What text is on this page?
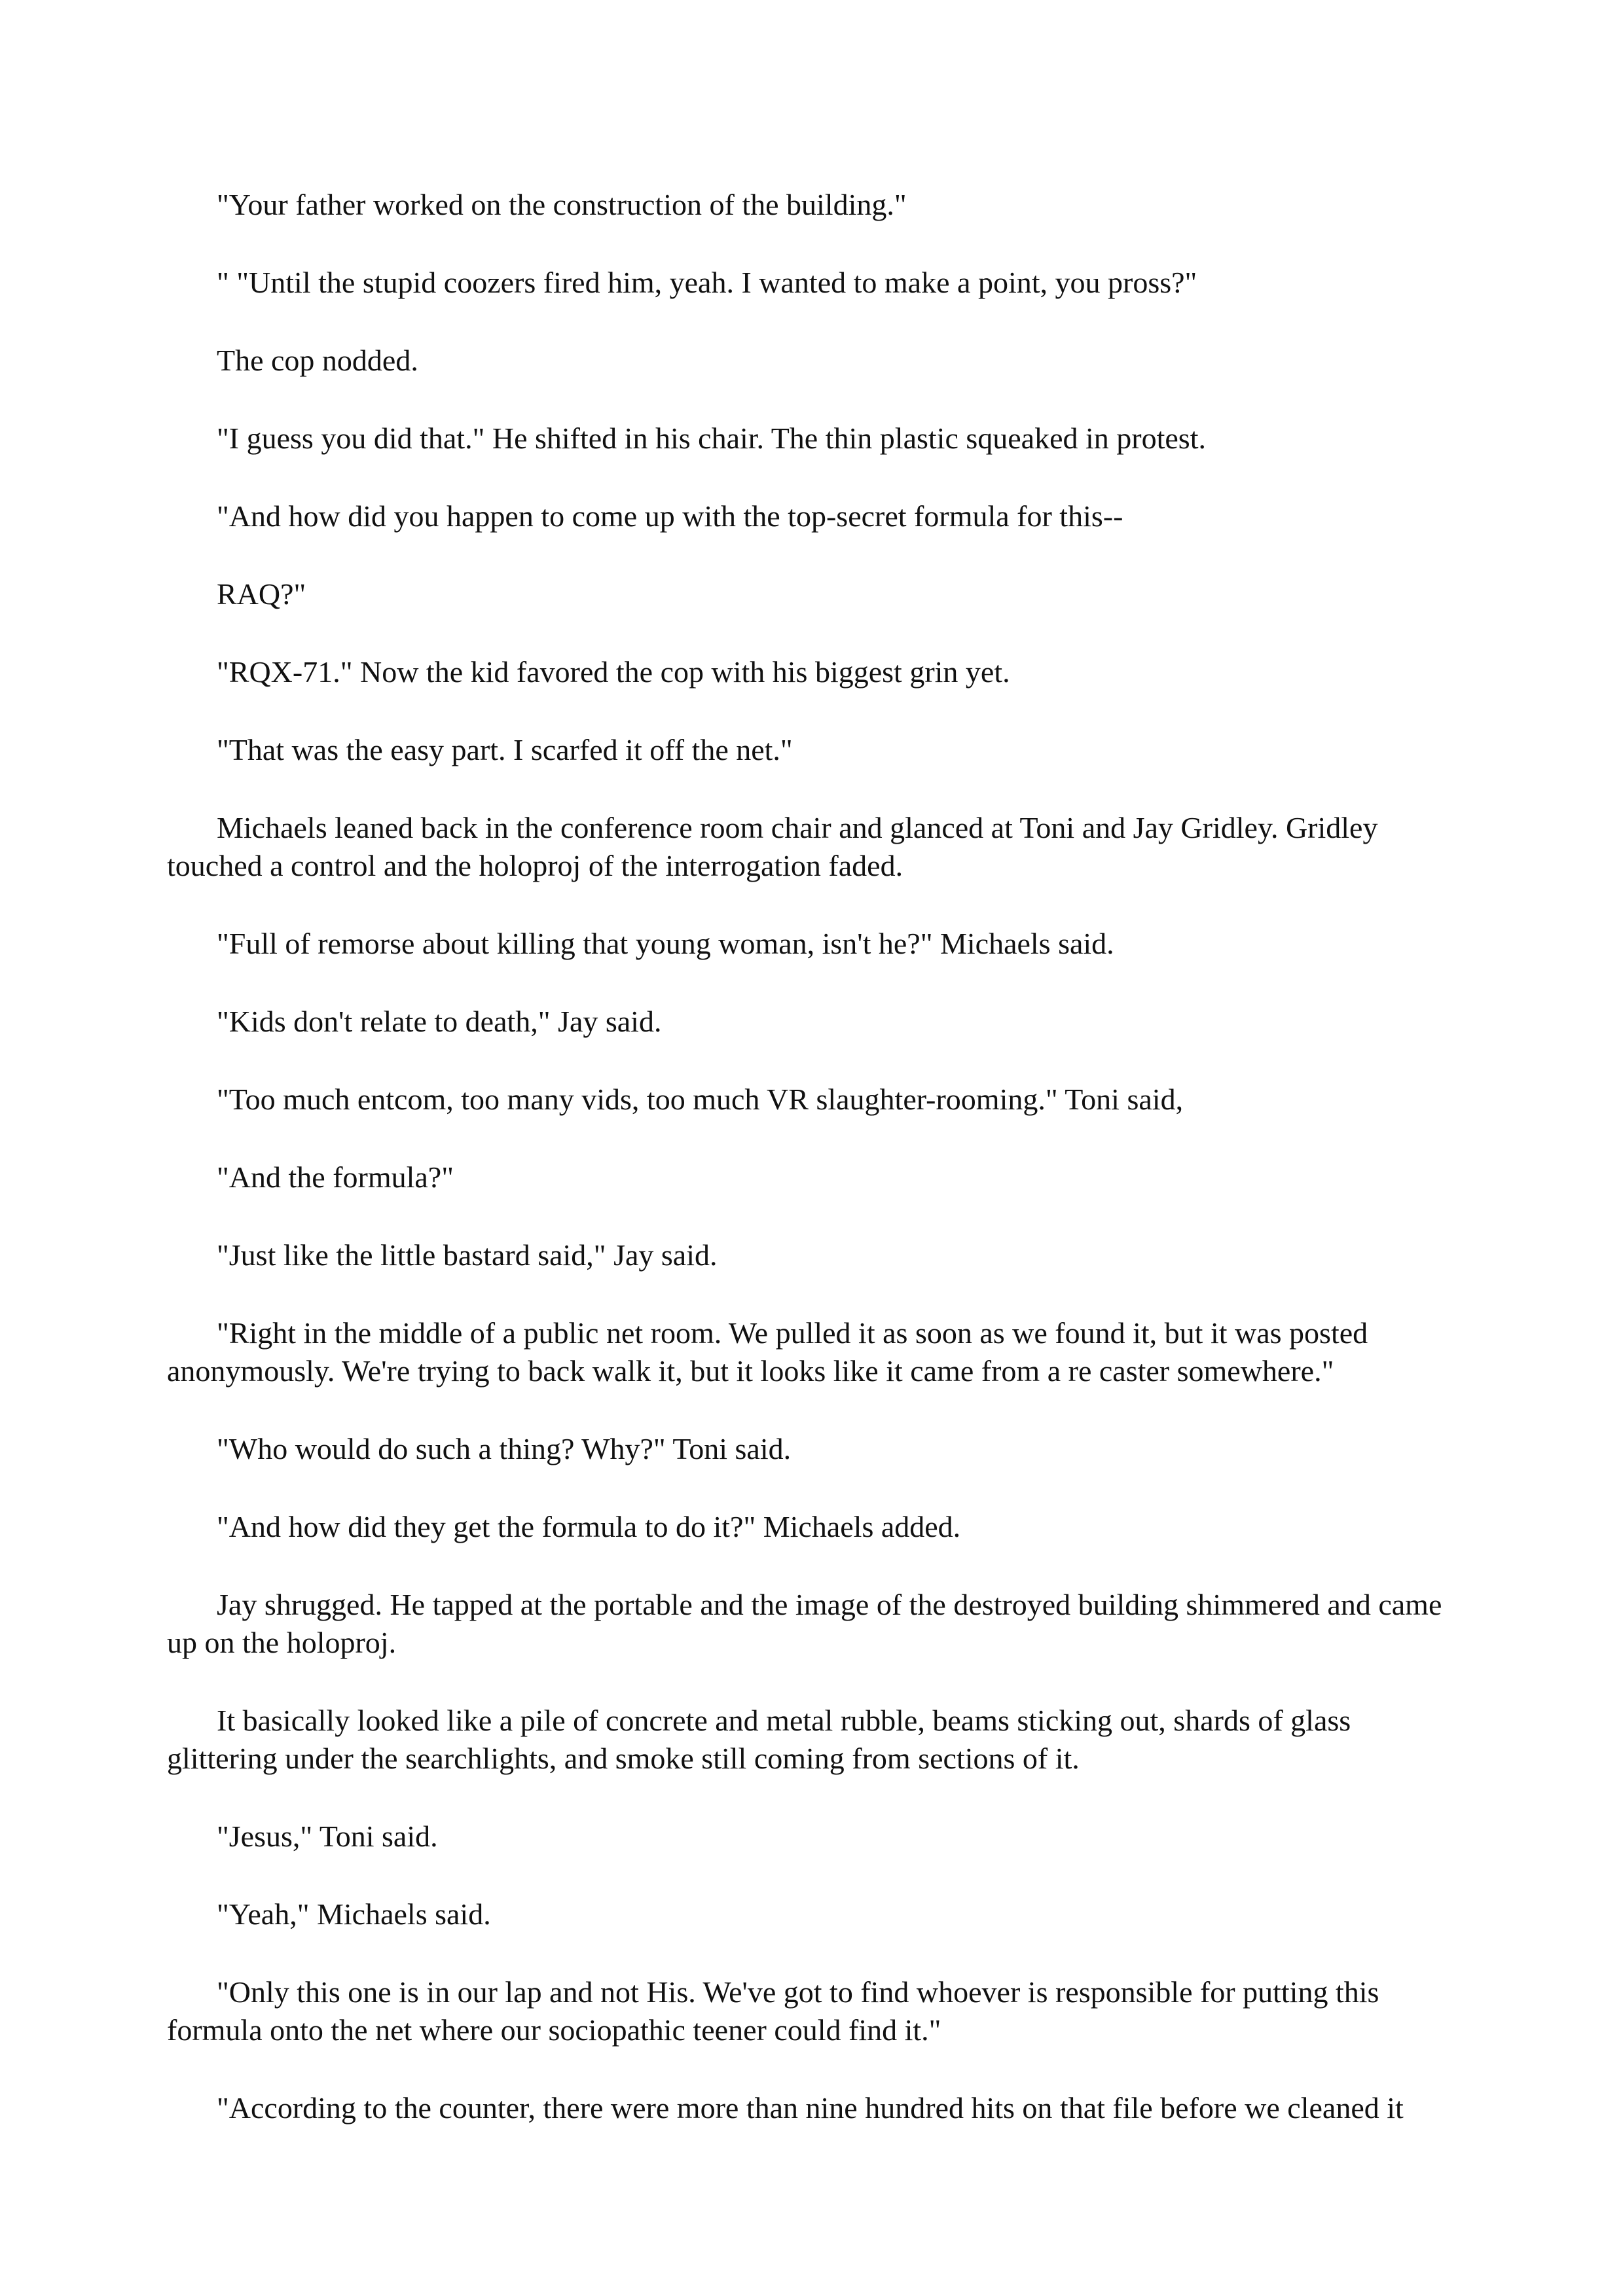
"Your father worked on the construction of the building."

" "Until the stupid coozers fired him, yeah. I wanted to make a point, you pross?"

The cop nodded.

"I guess you did that." He shifted in his chair. The thin plastic squeaked in protest.

"And how did you happen to come up with the top-secret formula for this--

RAQ?"

"RQX-71." Now the kid favored the cop with his biggest grin yet.

"That was the easy part. I scarfed it off the net."

Michaels leaned back in the conference room chair and glanced at Toni and Jay Gridley. Gridley touched a control and the holoproj of the interrogation faded.

"Full of remorse about killing that young woman, isn't he?" Michaels said.

"Kids don't relate to death," Jay said.

"Too much entcom, too many vids, too much VR slaughter-rooming." Toni said,

"And the formula?"

"Just like the little bastard said," Jay said.

"Right in the middle of a public net room. We pulled it as soon as we found it, but it was posted anonymously. We're trying to back walk it, but it looks like it came from a re caster somewhere."

"Who would do such a thing? Why?" Toni said.

"And how did they get the formula to do it?" Michaels added.

Jay shrugged. He tapped at the portable and the image of the destroyed building shimmered and came up on the holoproj.

It basically looked like a pile of concrete and metal rubble, beams sticking out, shards of glass glittering under the searchlights, and smoke still coming from sections of it.

"Jesus," Toni said.

"Yeah," Michaels said.

"Only this one is in our lap and not His. We've got to find whoever is responsible for putting this formula onto the net where our sociopathic teener could find it."

"According to the counter, there were more than nine hundred hits on that file before we cleaned it
